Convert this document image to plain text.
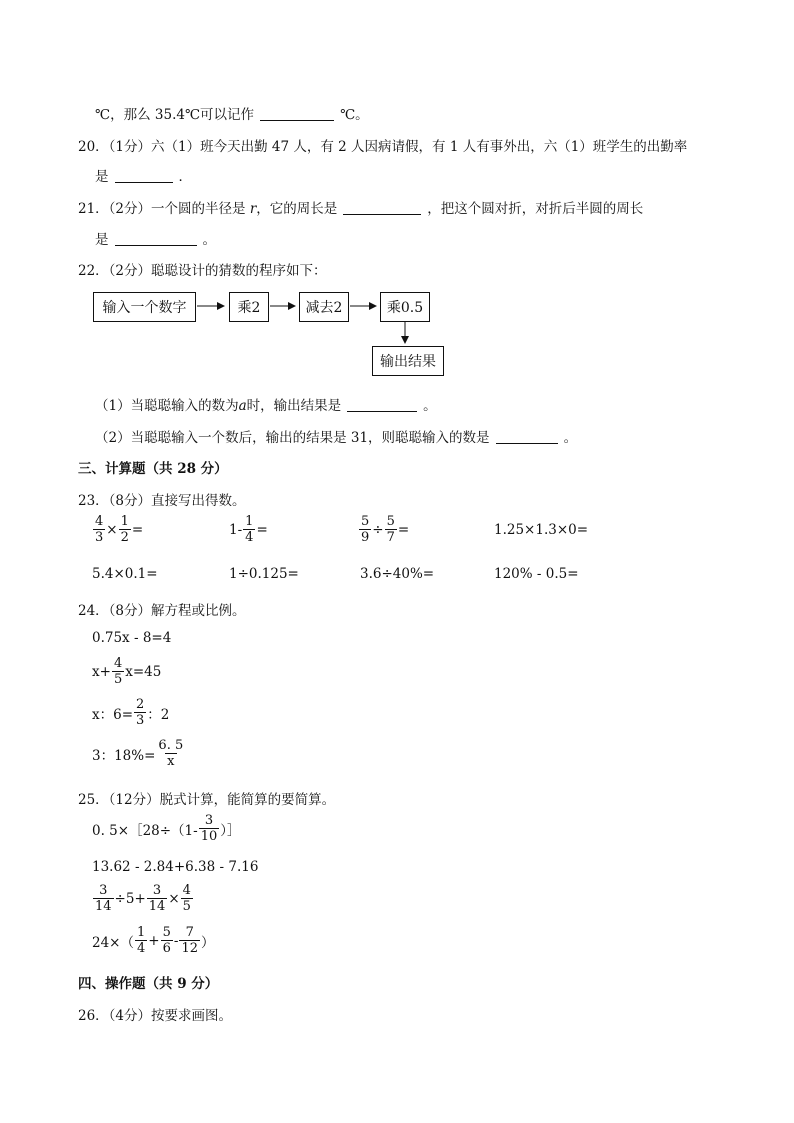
℃，那么 35.4℃可以记作	℃。
20．（1分）六（1）班今天出勤 47 人，有 2 人因病请假，有 1 人有事外出，六（1）班学生的出勤率
是	．
21．（2分）一个圆的半径是 r，它的周长是	，把这个圆对折，对折后半圆的周长
是	。
22．（2分）聪聪设计的猜数的程序如下：
输入一个数字	乘2	减去2	乘0.5
输出结果
（1）当聪聪输入的数为a时，输出结果是	。
（2）当聪聪输入一个数后，输出的结果是 31，则聪聪输入的数是	。
三、计算题（共 28 分）
23．（8分）直接写出得数。
$\frac{4}{3} \times \frac{1}{2}$ =	$1- \frac{1}{4}$ =	$\frac{5}{9} \div \frac{5}{7}$ =	1.25×1.3×0=
5.4×0.1=	1÷0.125=	3.6÷40%=	120% - 0.5=
24．（8分）解方程或比例。
0.75x - 8=4
$x+ \frac{4}{5} x=45$
x：$6= \frac{2}{3}$ ：2
3：$18\%= \frac{6. 5}{x}$
25．（12分）脱式计算，能简算的要简算。
0. 5×［28÷（1- $\frac{3}{10}$ ）］
13.62 - 2.84+6.38 - 7.16
$\frac{3}{14} \div 5+ \frac{3}{14} \times \frac{4}{5}$
$24\times( \frac{1}{4} + \frac{5}{6} - \frac{7}{12}$ ）
四、操作题（共 9 分）
26．（4分）按要求画图。
